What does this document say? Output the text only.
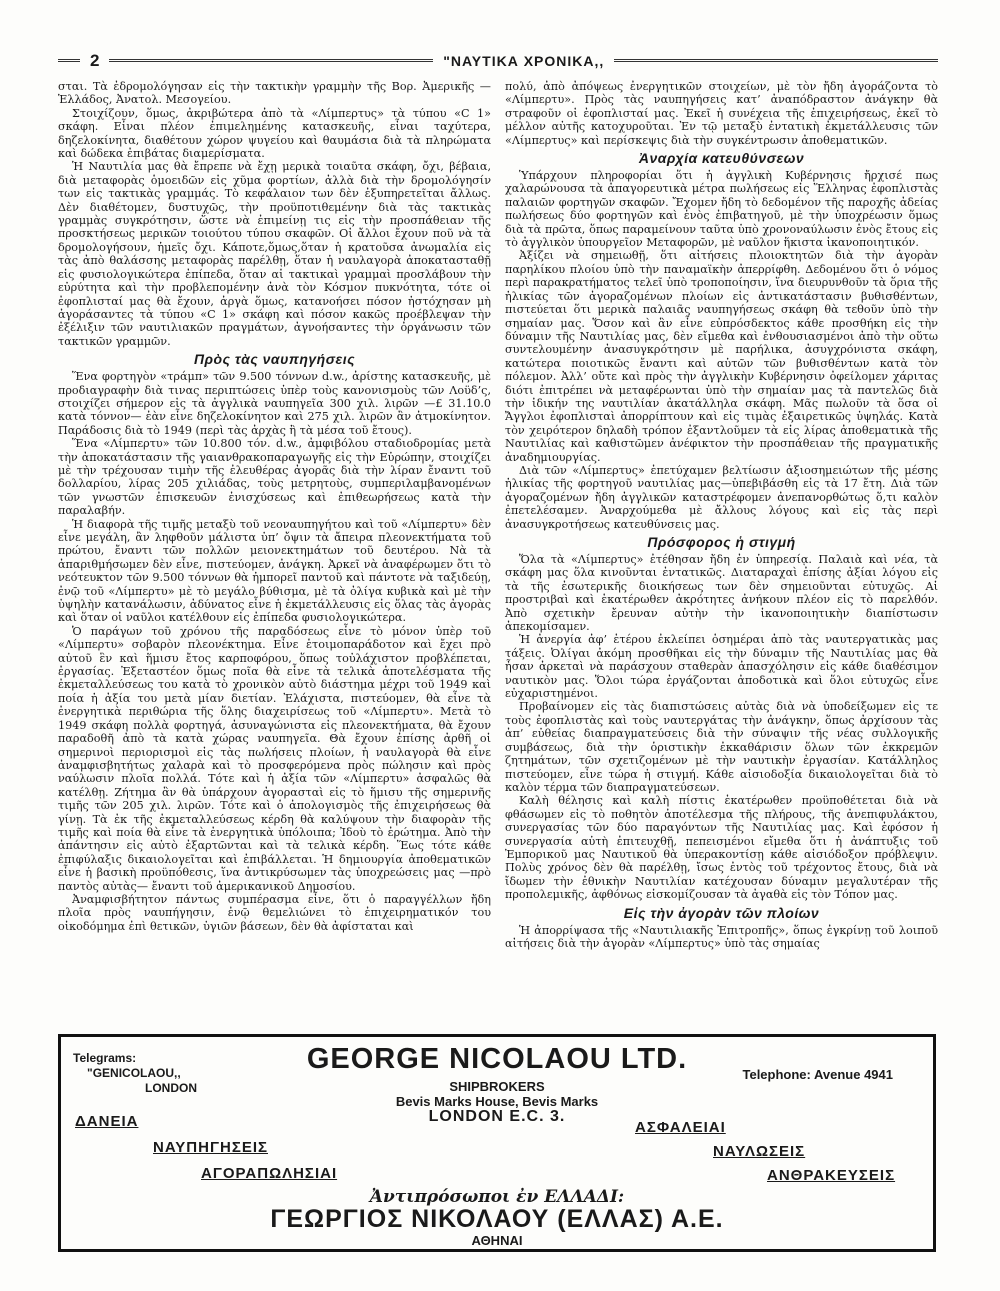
2	"ΝΑΥΤΙΚΑ ΧΡΟΝΙΚΑ,,

σται. Τὰ ἐδρομολόγησαν εἰς τὴν τακτικὴν γραμμὴν τῆς Βορ. Ἀμερικῆς — Ἑλλάδος, Ἀνατολ. Μεσογείου.

Στοιχίζουν, ὅμως, ἀκριβώτερα ἀπὸ τὰ «Λίμπερτυς» τὰ τύπου «C 1» σκάφη. Εἶναι πλέον ἐπιμελημένης κατασκευῆς, εἶναι ταχύτερα, δηζελοκίνητα, διαθέτουν χώρον ψυγείου καὶ θαυμάσια διὰ τὰ πληρώματα καὶ δώδεκα ἐπιβάτας διαμερίσματα.

Ἡ Ναυτιλία μας θὰ ἔπρεπε νὰ ἔχῃ μερικὰ τοιαῦτα σκάφη, ὄχι, βέβαια, διὰ μεταφορὰς ὁμοειδῶν εἰς χῦμα φορτίων, ἀλλὰ διὰ τὴν δρομολόγησίν των εἰς τακτικὰς γραμμάς. Τὸ κεφάλαιον των δὲν ἐξυπηρετεῖται ἄλλως. Δὲν διαθέτομεν, δυστυχῶς, τὴν προϋποτιθεμένην διὰ τὰς τακτικὰς γραμμὰς συγκρότησιν, ὥστε νὰ ἐπιμείνῃ τις εἰς τὴν προσπάθειαν τῆς προσκτήσεως μερικῶν τοιούτου τύπου σκαφῶν. Οἱ ἄλλοι ἔχουν ποῦ νὰ τὰ δρομολογήσουν, ἡμεῖς ὄχι. Κάποτε,ὅμως,ὅταν ἡ κρατοῦσα ἀνωμαλία εἰς τὰς ἀπὸ θαλάσσης μεταφορὰς παρέλθῃ, ὅταν ἡ ναυλαγορὰ ἀποκατασταθῇ εἰς φυσιολογικώτερα ἐπίπεδα, ὅταν αἱ τακτικαὶ γραμμαὶ προσλάβουν τὴν εὐρύτητα καὶ τὴν προβλεπομένην ἀνὰ τὸν Κόσμον πυκνότητα, τότε οἱ ἐφοπλισταί μας θὰ ἔχουν, ἀργὰ ὅμως, κατανοήσει πόσον ἡστόχησαν μὴ ἀγοράσαντες τὰ τύπου «C 1» σκάφη καὶ πόσον κακῶς προέβλεψαν τὴν ἐξέλιξιν τῶν ναυτιλιακῶν πραγμάτων, ἀγνοήσαντες τὴν ὀργάνωσιν τῶν τακτικῶν γραμμῶν.

Πρὸς τὰς ναυπηγήσεις

Ἕνα φορτηγὸν «τράμπ» τῶν 9.500 τόννων d.w., ἀρίστης κατασκευῆς, μὲ προδιαγραφὴν διὰ τινας περιπτώσεις ὑπὲρ τοὺς κανονισμοὺς τῶν Λοϋδ’ς, στοιχίζει σήμερον εἰς τὰ ἀγγλικὰ ναυπηγεῖα 300 χιλ. λιρῶν —£ 31.10.0 κατὰ τόννον— ἐὰν εἶνε δηζελοκίνητον καὶ 275 χιλ. λιρῶν ἂν ἀτμοκίνητον. Παράδοσις διὰ τὸ 1949 (περὶ τὰς ἀρχὰς ἢ τὰ μέσα τοῦ ἔτους).

Ἕνα «Λίμπερτυ» τῶν 10.800 τόν. d.w., ἀμφιβόλου σταδιοδρομίας μετὰ τὴν ἀποκατάστασιν τῆς γαιανθρακοπαραγωγῆς εἰς τὴν Εὐρώπην, στοιχίζει μὲ τὴν τρέχουσαν τιμὴν τῆς ἐλευθέρας ἀγορᾶς διὰ τὴν λίραν ἔναντι τοῦ δολλαρίου, λίρας 205 χιλιάδας, τοὺς μετρητοὺς, συμπεριλαμβανομένων τῶν γνωστῶν ἐπισκευῶν ἐνισχύσεως καὶ ἐπιθεωρήσεως κατὰ τὴν παραλαβήν.

Ἡ διαφορὰ τῆς τιμῆς μεταξὺ τοῦ νεοναυπηγήτου καὶ τοῦ «Λίμπερτυ» δὲν εἶνε μεγάλη, ἂν ληφθοῦν μάλιστα ὑπ’ ὄψιν τὰ ἄπειρα πλεονεκτήματα τοῦ πρώτου, ἔναντι τῶν πολλῶν μειονεκτημάτων τοῦ δευτέρου. Νὰ τὰ ἀπαριθμήσωμεν δὲν εἶνε, πιστεύομεν, ἀνάγκη. Ἀρκεῖ νὰ ἀναφέρωμεν ὅτι τὸ νεότευκτον τῶν 9.500 τόννων θὰ ἠμπορεῖ παντοῦ καὶ πάντοτε νὰ ταξιδεύῃ, ἐνῷ τοῦ «Λίμπερτυ» μὲ τὸ μεγάλο βύθισμα, μὲ τὰ ὀλίγα κυβικὰ καὶ μὲ τὴν ὑψηλὴν κατανάλωσιν, ἀδύνατος εἶνε ἡ ἐκμετάλλευσις εἰς ὅλας τὰς ἀγορὰς καὶ ὅταν οἱ ναῦλοι κατέλθουν εἰς ἐπίπεδα φυσιολογικώτερα.

Ὁ παράγων τοῦ χρόνου τῆς παραδόσεως εἶνε τὸ μόνον ὑπὲρ τοῦ «Λίμπερτυ» σοβαρὸν πλεονέκτημα. Εἶνε ἑτοιμοπαράδοτον καὶ ἔχει πρὸ αὐτοῦ ἓν καὶ ἥμισυ ἔτος καρποφόρου, ὅπως τοὐλάχιστον προβλέπεται, ἐργασίας. Ἐξεταστέον ὅμως ποῖα θὰ εἶνε τὰ τελικὰ ἀποτελέσματα τῆς ἐκμεταλλεύσεως του κατὰ τὸ χρονικὸν αὐτὸ διάστημα μέχρι τοῦ 1949 καὶ ποία ἡ ἀξία του μετὰ μίαν διετίαν. Ἐλάχιστα, πιστεύομεν, θὰ εἶνε τὰ ἐνεργητικὰ περιθώρια τῆς ὅλης διαχειρίσεως τοῦ «Λίμπερτυ». Μετὰ τὸ 1949 σκάφη πολλὰ φορτηγά, ἀσυναγώνιστα εἰς πλεονεκτήματα, θὰ ἔχουν παραδοθῆ ἀπὸ τὰ κατὰ χώρας ναυπηγεῖα. Θὰ ἔχουν ἐπίσης ἀρθῆ οἱ σημερινοὶ περιορισμοὶ εἰς τὰς πωλήσεις πλοίων, ἡ ναυλαγορὰ θὰ εἶνε ἀναμφισβητήτως χαλαρὰ καὶ τὸ προσφερόμενα πρὸς πώλησιν καὶ πρὸς ναύλωσιν πλοῖα πολλά. Τότε καὶ ἡ ἀξία τῶν «Λίμπερτυ» ἀσφαλῶς θὰ κατέλθῃ. Ζήτημα ἂν θὰ ὑπάρχουν ἀγορασταὶ εἰς τὸ ἥμισυ τῆς σημερινῆς τιμῆς τῶν 205 χιλ. λιρῶν. Τότε καὶ ὁ ἀπολογισμὸς τῆς ἐπιχειρήσεως θὰ γίνῃ. Τὰ ἐκ τῆς ἐκμεταλλεύσεως κέρδη θὰ καλύψουν τὴν διαφορὰν τῆς τιμῆς καὶ ποία θὰ εἶνε τὰ ἐνεργητικὰ ὑπόλοιπα; Ἰδοὺ τὸ ἐρώτημα. Ἀπὸ τὴν ἀπάντησιν εἰς αὐτὸ ἐξαρτῶνται καὶ τὰ τελικὰ κέρδη. Ἕως τότε κάθε ἐπιφύλαξις δικαιολογεῖται καὶ ἐπιβάλλεται. Ἡ δημιουργία ἀποθεματικῶν εἶνε ἡ βασικὴ προϋπόθεσις, ἵνα ἀντικρύσωμεν τὰς ὑποχρεώσεις μας —πρὸ παντὸς αὐτὰς— ἔναντι τοῦ ἀμερικανικοῦ Δημοσίου.

Ἀναμφισβήτητον πάντως συμπέρασμα εἶνε, ὅτι ὁ παραγγέλλων ἤδη πλοῖα πρὸς ναυπήγησιν, ἐνῷ θεμελιώνει τὸ ἐπιχειρηματικόν του οἰκοδόμημα ἐπὶ θετικῶν, ὑγιῶν βάσεων, δὲν θὰ ἀφίσταται καὶ

πολύ, ἀπὸ ἀπόψεως ἐνεργητικῶν στοιχείων, μὲ τὸν ἤδη ἀγοράζοντα τὸ «Λίμπερτυ». Πρὸς τὰς ναυπηγήσεις κατ’ ἀναπόδραστον ἀνάγκην θὰ στραφοῦν οἱ ἐφοπλισταί μας. Ἐκεῖ ἡ συνέχεια τῆς ἐπιχειρήσεως, ἐκεῖ τὸ μέλλον αὐτῆς κατοχυροῦται. Ἐν τῷ μεταξὺ ἐντατικὴ ἐκμετάλλευσις τῶν «Λίμπερτυς» καὶ περίσκεψις διὰ τὴν συγκέντρωσιν ἀποθεματικῶν.

Ἀναρχία κατευθύνσεων

Ὑπάρχουν πληροφορίαι ὅτι ἡ ἀγγλικὴ Κυβέρνησις ἤρχισέ πως χαλαρώνουσα τὰ ἀπαγορευτικὰ μέτρα πωλήσεως εἰς Ἕλληνας ἐφοπλιστὰς παλαιῶν φορτηγῶν σκαφῶν. Ἔχομεν ἤδη τὸ δεδομένον τῆς παροχῆς ἀδείας πωλήσεως δύο φορτηγῶν καὶ ἑνὸς ἐπιβατηγοῦ, μὲ τὴν ὑποχρέωσιν ὅμως διὰ τὰ πρῶτα, ὅπως παραμείνουν ταῦτα ὑπὸ χρονοναύλωσιν ἑνὸς ἔτους εἰς τὸ ἀγγλικὸν ὑπουργεῖον Μεταφορῶν, μὲ ναῦλον ἥκιστα ἱκανοποιητικόν.

Ἀξίζει νὰ σημειωθῇ, ὅτι αἰτήσεις πλοιοκτητῶν διὰ τὴν ἀγορὰν παρηλίκου πλοίου ὑπὸ τὴν παναμαϊκὴν ἀπερρίφθη. Δεδομένου ὅτι ὁ νόμος περὶ παρακρατήματος τελεῖ ὑπὸ τροποποίησιν, ἵνα διευρυνθοῦν τὰ ὅρια τῆς ἡλικίας τῶν ἀγοραζομένων πλοίων εἰς ἀντικατάστασιν βυθισθέντων, πιστεύεται ὅτι μερικὰ παλαιᾶς ναυπηγήσεως σκάφη θὰ τεθοῦν ὑπὸ τὴν σημαίαν μας. Ὅσον καὶ ἂν εἶνε εὐπρόσδεκτος κάθε προσθήκη εἰς τὴν δύναμιν τῆς Ναυτιλίας μας, δὲν εἴμεθα καὶ ἐνθουσιασμένοι ἀπὸ τὴν οὕτω συντελουμένην ἀνασυγκρότησιν μὲ παρήλικα, ἀσυγχρόνιστα σκάφη, κατώτερα ποιοτικῶς ἔναντι καὶ αὐτῶν τῶν βυθισθέντων κατὰ τὸν πόλεμον. Ἀλλ’ οὔτε καὶ πρὸς τὴν ἀγγλικὴν Κυβέρνησιν ὀφείλομεν χάριτας διότι ἐπιτρέπει νὰ μεταφέρωνται ὑπὸ τὴν σημαίαν μας τὰ παντελῶς διὰ τὴν ἰδικήν της ναυτιλίαν ἀκατάλληλα σκάφη. Μᾶς πωλοῦν τὰ ὅσα οἱ Ἄγγλοι ἐφοπλισταὶ ἀπορρίπτουν καὶ εἰς τιμὰς ἐξαιρετικῶς ὑψηλάς. Κατὰ τὸν χειρότερον δηλαδὴ τρόπον ἐξαντλοῦμεν τὰ εἰς λίρας ἀποθεματικὰ τῆς Ναυτιλίας καὶ καθιστῶμεν ἀνέφικτον τὴν προσπάθειαν τῆς πραγματικῆς ἀναδημιουργίας.

Διὰ τῶν «Λίμπερτυς» ἐπετύχαμεν βελτίωσιν ἀξιοσημειώτων τῆς μέσης ἡλικίας τῆς φορτηγοῦ ναυτιλίας μας—ὑπεβιβάσθη εἰς τὰ 17 ἔτη. Διὰ τῶν ἀγοραζομένων ἤδη ἀγγλικῶν καταστρέφομεν ἀνεπανορθώτως ὅ,τι καλὸν ἐπετελέσαμεν. Ἀναρχούμεθα μὲ ἄλλους λόγους καὶ εἰς τὰς περὶ ἀνασυγκροτήσεως κατευθύνσεις μας.

Πρόσφορος ἡ στιγμή

Ὅλα τὰ «Λίμπερτυς» ἐτέθησαν ἤδη ἐν ὑπηρεσίᾳ. Παλαιὰ καὶ νέα, τὰ σκάφη μας ὅλα κινοῦνται ἐντατικῶς. Διαταραχαὶ ἐπίσης ἀξίαι λόγου εἰς τὰ τῆς ἐσωτερικῆς διοικήσεως των δὲν σημειοῦνται εὐτυχῶς. Αἱ προστριβαὶ καὶ ἑκατέρωθεν ἀκρότητες ἀνήκουν πλέον εἰς τὸ παρελθόν. Ἀπὸ σχετικὴν ἔρευναν αὐτὴν τὴν ἱκανοποιητικὴν διαπίστωσιν ἀπεκομίσαμεν.

Ἡ ἀνεργία ἀφ’ ἑτέρου ἐκλείπει ὁσημέραι ἀπὸ τὰς ναυτεργατικὰς μας τάξεις. Ὀλίγαι ἀκόμη προσθῆκαι εἰς τὴν δύναμιν τῆς Ναυτιλίας μας θὰ ἦσαν ἀρκεταὶ νὰ παράσχουν σταθερὰν ἀπασχόλησιν εἰς κάθε διαθέσιμον ναυτικὸν μας. Ὅλοι τώρα ἐργάζονται ἀποδοτικὰ καὶ ὅλοι εὐτυχῶς εἶνε εὐχαριστημένοι.

Προβαίνομεν εἰς τὰς διαπιστώσεις αὐτὰς διὰ νὰ ὑποδείξωμεν εἰς τε τοὺς ἐφοπλιστὰς καὶ τοὺς ναυτεργάτας τὴν ἀνάγκην, ὅπως ἀρχίσουν τὰς ἀπ’ εὐθείας διαπραγματεύσεις διὰ τὴν σύναψιν τῆς νέας συλλογικῆς συμβάσεως, διὰ τὴν ὁριστικὴν ἐκκαθάρισιν ὅλων τῶν ἐκκρεμῶν ζητημάτων, τῶν σχετιζομένων μὲ τὴν ναυτικὴν ἐργασίαν. Κατάλληλος πιστεύομεν, εἶνε τώρα ἡ στιγμή. Κάθε αἰσιοδοξία δικαιολογεῖται διὰ τὸ καλὸν τέρμα τῶν διαπραγματεύσεων.

Καλὴ θέλησις καὶ καλὴ πίστις ἑκατέρωθεν προϋποθέτεται διὰ νὰ φθάσωμεν εἰς τὸ ποθητὸν ἀποτέλεσμα τῆς πλήρους, τῆς ἀνεπιφυλάκτου, συνεργασίας τῶν δύο παραγόντων τῆς Ναυτιλίας μας. Καὶ ἐφόσον ἡ συνεργασία αὐτὴ ἐπιτευχθῇ, πεπεισμένοι εἴμεθα ὅτι ἡ ἀνάπτυξις τοῦ Ἐμπορικοῦ μας Ναυτικοῦ θὰ ὑπερακοντίσῃ κάθε αἰσιόδοξον πρόβλεψιν. Πολὺς χρόνος δὲν θὰ παρέλθῃ, ἴσως ἐντὸς τοῦ τρέχοντος ἔτους, διὰ νὰ ἴδωμεν τὴν ἐθνικὴν Ναυτιλίαν κατέχουσαν δύναμιν μεγαλυτέραν τῆς προπολεμικῆς, ἀφθόνως εἰσκομίζουσαν τὰ ἀγαθὰ εἰς τὸν Τόπον μας.

Εἰς τὴν ἀγορὰν τῶν πλοίων

Ἡ ἀπορρίψασα τῆς «Ναυτιλιακῆς Ἐπιτροπῆς», ὅπως ἐγκρίνῃ τοῦ λοιποῦ αἰτήσεις διὰ τὴν ἀγορὰν «Λίμπερτυς» ὑπὸ τὰς σημαίας

Telegrams:
"GENICOLAOU,,
LONDON
GEORGE NICOLAOU LTD.
SHIPBROKERS
Bevis Marks House, Bevis Marks
LONDON E.C. 3.
Telephone: Avenue 4941
ΔΑΝΕΙΑ
ΝΑΥΠΗΓΗΣΕΙΣ
ΑΓΟΡΑΠΩΛΗΣΙΑΙ
ΑΣΦΑΛΕΙΑΙ
ΝΑΥΛΩΣΕΙΣ
ΑΝΘΡΑΚΕΥΣΕΙΣ
Ἀντιπρόσωποι ἐν ΕΛΛΑΔΙ:
ΓΕΩΡΓΙΟΣ ΝΙΚΟΛΑΟΥ (ΕΛΛΑΣ) Α.Ε.
ΑΘΗΝΑΙ
